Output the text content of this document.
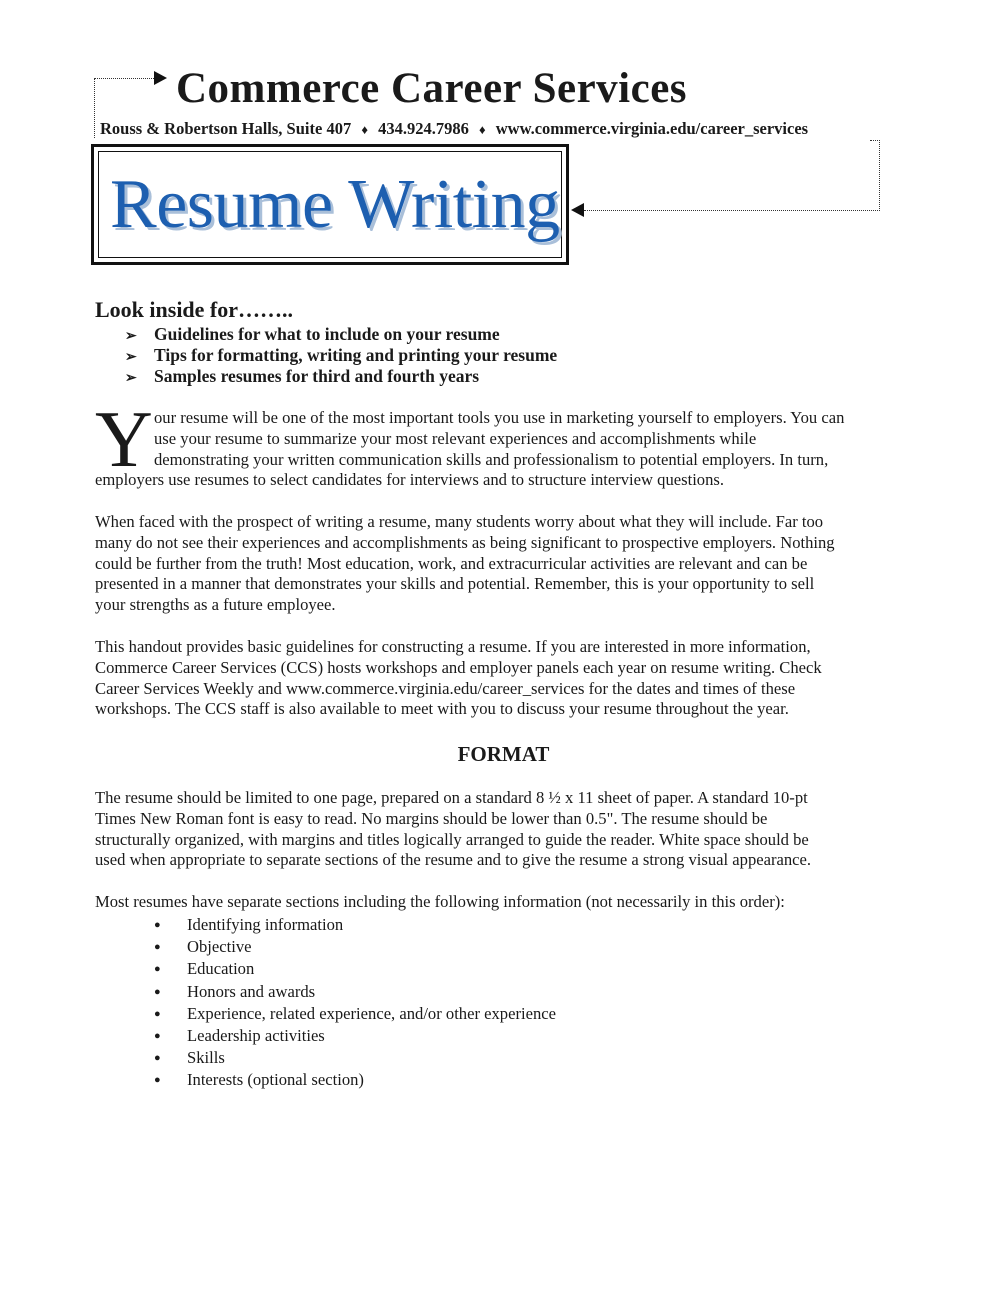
Commerce Career Services
Rouss & Robertson Halls, Suite 407 ♦ 434.924.7986 ♦ www.commerce.virginia.edu/career_services
Resume Writing
Look inside for……..
➢ Guidelines for what to include on your resume
➢ Tips for formatting, writing and printing your resume
➢ Samples resumes for third and fourth years
Y our resume will be one of the most important tools you use in marketing yourself to employers. You can

use your resume to summarize your most relevant experiences and accomplishments while

demonstrating your written communication skills and professionalism to potential employers. In turn,

employers use resumes to select candidates for interviews and to structure interview questions.

When faced with the prospect of writing a resume, many students worry about what they will include. Far too

many do not see their experiences and accomplishments as being significant to prospective employers. Nothing

could be further from the truth! Most education, work, and extracurricular activities are relevant and can be

presented in a manner that demonstrates your skills and potential. Remember, this is your opportunity to sell

your strengths as a future employee.

This handout provides basic guidelines for constructing a resume. If you are interested in more information,

Commerce Career Services (CCS) hosts workshops and employer panels each year on resume writing. Check

Career Services Weekly and www.commerce.virginia.edu/career_services for the dates and times of these

workshops. The CCS staff is also available to meet with you to discuss your resume throughout the year.

FORMAT

The resume should be limited to one page, prepared on a standard 8 ½ x 11 sheet of paper. A standard 10-pt

Times New Roman font is easy to read. No margins should be lower than 0.5". The resume should be

structurally organized, with margins and titles logically arranged to guide the reader. White space should be

used when appropriate to separate sections of the resume and to give the resume a strong visual appearance.

Most resumes have separate sections including the following information (not necessarily in this order):

● Identifying information
● Objective
● Education
● Honors and awards
● Experience, related experience, and/or other experience
● Leadership activities
● Skills
● Interests (optional section)
